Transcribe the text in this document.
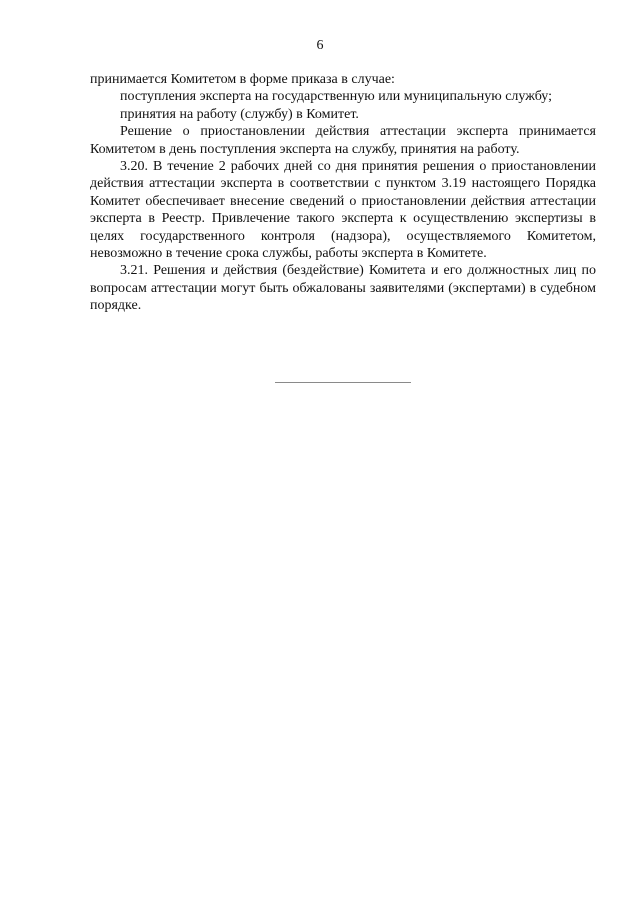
6

принимается Комитетом в форме приказа в случае:

поступления эксперта на государственную или муниципальную службу;

принятия на работу (службу) в Комитет.

Решение о приостановлении действия аттестации эксперта принимается Комитетом в день поступления эксперта на службу, принятия на работу.

3.20. В течение 2 рабочих дней со дня принятия решения о приостановлении действия аттестации эксперта в соответствии с пунктом 3.19 настоящего Порядка Комитет обеспечивает внесение сведений о приостановлении действия аттестации эксперта в Реестр. Привлечение такого эксперта к осуществлению экспертизы в целях государственного контроля (надзора), осуществляемого Комитетом, невозможно в течение срока службы, работы эксперта в Комитете.

3.21. Решения и действия (бездействие) Комитета и его должностных лиц по вопросам аттестации могут быть обжалованы заявителями (экспертами) в судебном порядке.
